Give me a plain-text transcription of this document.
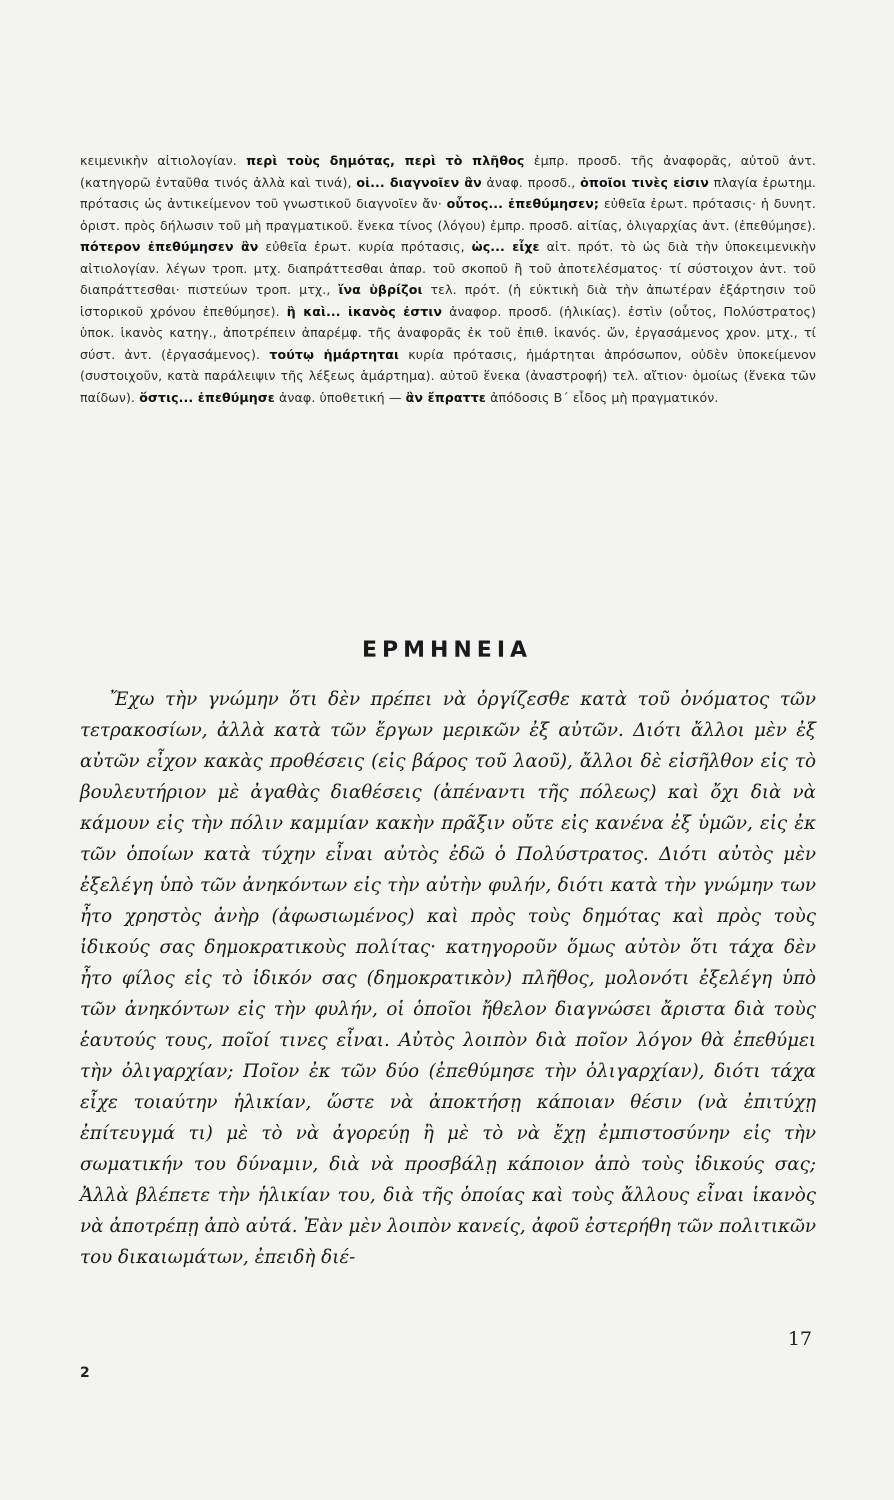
κειμενικὴν αἰτιολογίαν. περὶ τοὺς δημότας, περὶ τὸ πλῆθος ἐμπρ. προσδ. τῆς ἀναφορᾶς, αὐτοῦ ἀντ. (κατηγορῶ ἐνταῦθα τινός ἀλλὰ καὶ τινά), οἱ... διαγνοῖεν ἂν ἀναφ. προσδ., ὁποῖοι τινὲς εἰσιν πλαγία ἐρωτημ. πρότασις ὡς ἀντικείμενον τοῦ γνωστικοῦ διαγνοῖεν ἄν· οὗτος... ἐπεθύμησεν; εὐθεῖα ἐρωτ. πρότασις· ἡ δυνητ. ὁριστ. πρὸς δήλωσιν τοῦ μὴ πραγματικοῦ. ἕνεκα τίνος (λόγου) ἐμπρ. προσδ. αἰτίας, ὀλιγαρχίας ἀντ. (ἐπεθύμησε). πότερον ἐπεθύμησεν ἂν εὐθεῖα ἐρωτ. κυρία πρότασις, ὡς... εἶχε αἰτ. πρότ. τὸ ὡς διὰ τὴν ὑποκειμενικὴν αἰτιολογίαν. λέγων τροπ. μτχ. διαπράττεσθαι ἀπαρ. τοῦ σκοποῦ ἢ τοῦ ἀποτελέσματος· τί σύστοιχον ἀντ. τοῦ διαπράττεσθαι· πιστεύων τροπ. μτχ., ἵνα ὑβρίζοι τελ. πρότ. (ἡ εὐκτικὴ διὰ τὴν ἀπωτέραν ἐξάρτησιν τοῦ ἱστορικοῦ χρόνου ἐπεθύμησε). ἢ καὶ... ἱκανὸς ἐστιν ἀναφορ. προσδ. (ἡλικίας). ἐστὶν (οὗτος, Πολύστρατος) ὑποκ. ἱκανὸς κατηγ., ἀποτρέπειν ἀπαρέμφ. τῆς ἀναφορᾶς ἐκ τοῦ ἐπιθ. ἱκανός. ὤν, ἐργασάμενος χρον. μτχ., τί σύστ. ἀντ. (ἐργασάμενος). τούτῳ ἡμάρτηται κυρία πρότασις, ἡμάρτηται ἀπρόσωπον, οὐδὲν ὑποκείμενον (συστοιχοῦν, κατὰ παράλειψιν τῆς λέξεως ἁμάρτημα). αὐτοῦ ἕνεκα (ἀναστροφή) τελ. αἴτιον· ὁμοίως (ἕνεκα τῶν παίδων). ὅστις... ἐπεθύμησε ἀναφ. ὑποθετική — ἂν ἔπραττε ἀπόδοσις Β΄ εἶδος μὴ πραγματικόν.

ΕΡΜΗΝΕΙΑ

Ἔχω τὴν γνώμην ὅτι δὲν πρέπει νὰ ὀργίζεσθε κατὰ τοῦ ὀνόματος τῶν τετρακοσίων, ἀλλὰ κατὰ τῶν ἔργων μερικῶν ἐξ αὐτῶν. Διότι ἄλλοι μὲν ἐξ αὐτῶν εἶχον κακὰς προθέσεις (εἰς βάρος τοῦ λαοῦ), ἄλλοι δὲ εἰσῆλθον εἰς τὸ βουλευτήριον μὲ ἀγαθὰς διαθέσεις (ἀπέναντι τῆς πόλεως) καὶ ὄχι διὰ νὰ κάμουν εἰς τὴν πόλιν καμμίαν κακὴν πρᾶξιν οὔτε εἰς κανένα ἐξ ὑμῶν, εἰς ἐκ τῶν ὁποίων κατὰ τύχην εἶναι αὐτὸς ἐδῶ ὁ Πολύστρατος. Διότι αὐτὸς μὲν ἐξελέγη ὑπὸ τῶν ἀνηκόντων εἰς τὴν αὐτὴν φυλήν, διότι κατὰ τὴν γνώμην των ἦτο χρηστὸς ἀνὴρ (ἀφωσιωμένος) καὶ πρὸς τοὺς δημότας καὶ πρὸς τοὺς ἰδικούς σας δημοκρατικοὺς πολίτας· κατηγοροῦν ὅμως αὐτὸν ὅτι τάχα δὲν ἦτο φίλος εἰς τὸ ἰδικόν σας (δημοκρατικὸν) πλῆθος, μολονότι ἐξελέγη ὑπὸ τῶν ἀνηκόντων εἰς τὴν φυλήν, οἱ ὁποῖοι ἤθελον διαγνώσει ἄριστα διὰ τοὺς ἑαυτούς τους, ποῖοί τινες εἶναι. Αὐτὸς λοιπὸν διὰ ποῖον λόγον θὰ ἐπεθύμει τὴν ὀλιγαρχίαν; Ποῖον ἐκ τῶν δύο (ἐπεθύμησε τὴν ὀλιγαρχίαν), διότι τάχα εἶχε τοιαύτην ἡλικίαν, ὥστε νὰ ἀποκτήσῃ κάποιαν θέσιν (νὰ ἐπιτύχῃ ἐπίτευγμά τι) μὲ τὸ νὰ ἀγορεύῃ ἢ μὲ τὸ νὰ ἔχῃ ἐμπιστοσύνην εἰς τὴν σωματικήν του δύναμιν, διὰ νὰ προσβάλῃ κάποιον ἀπὸ τοὺς ἰδικούς σας; Ἀλλὰ βλέπετε τὴν ἡλικίαν του, διὰ τῆς ὁποίας καὶ τοὺς ἄλλους εἶναι ἱκανὸς νὰ ἀποτρέπῃ ἀπὸ αὐτά. Ἐὰν μὲν λοιπὸν κανείς, ἀφοῦ ἐστερήθη τῶν πολιτικῶν του δικαιωμάτων, ἐπειδὴ διέ-

17
2
